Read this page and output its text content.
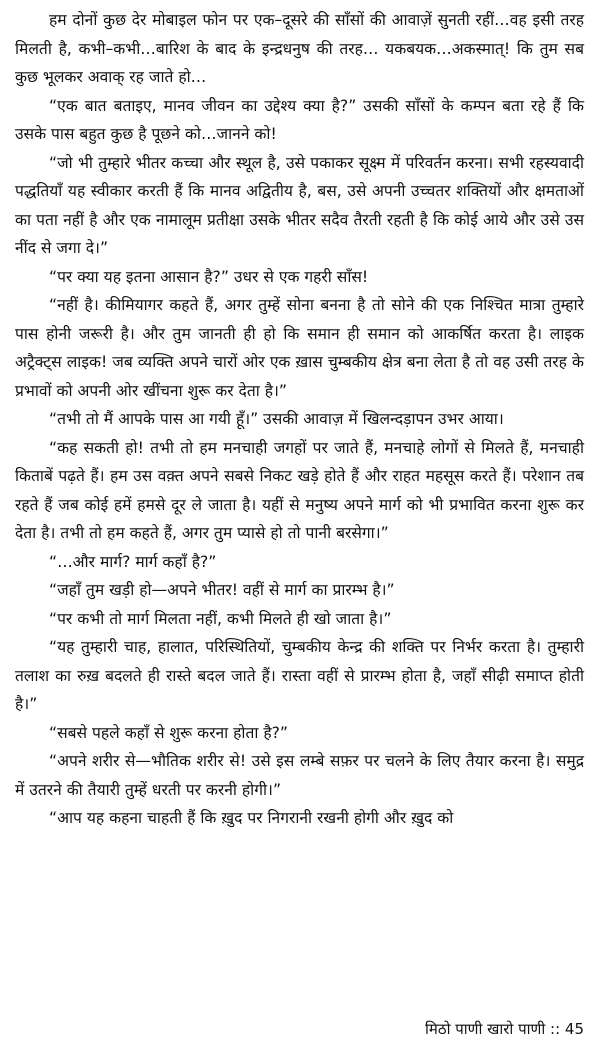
हम दोनों कुछ देर मोबाइल फोन पर एक–दूसरे की साँसों की आवाज़ें सुनती रहीं…वह इसी तरह मिलती है, कभी–कभी…बारिश के बाद के इन्द्रधनुष की तरह… यकबयक…अकस्मात्! कि तुम सब कुछ भूलकर अवाक् रह जाते हो…

“एक बात बताइए, मानव जीवन का उद्देश्य क्या है?” उसकी साँसों के कम्पन बता रहे हैं कि उसके पास बहुत कुछ है पूछने को…जानने को!

“जो भी तुम्हारे भीतर कच्चा और स्थूल है, उसे पकाकर सूक्ष्म में परिवर्तन करना। सभी रहस्यवादी पद्धतियाँ यह स्वीकार करती हैं कि मानव अद्वितीय है, बस, उसे अपनी उच्चतर शक्तियों और क्षमताओं का पता नहीं है और एक नामालूम प्रतीक्षा उसके भीतर सदैव तैरती रहती है कि कोई आये और उसे उस नींद से जगा दे।”

“पर क्या यह इतना आसान है?” उधर से एक गहरी साँस!

“नहीं है। कीमियागर कहते हैं, अगर तुम्हें सोना बनना है तो सोने की एक निश्चित मात्रा तुम्हारे पास होनी जरूरी है। और तुम जानती ही हो कि समान ही समान को आकर्षित करता है। लाइक अट्रैक्ट्स लाइक! जब व्यक्ति अपने चारों ओर एक ख़ास चुम्बकीय क्षेत्र बना लेता है तो वह उसी तरह के प्रभावों को अपनी ओर खींचना शुरू कर देता है।”

“तभी तो मैं आपके पास आ गयी हूँ।” उसकी आवाज़ में खिलन्दड़ापन उभर आया।

“कह सकती हो! तभी तो हम मनचाही जगहों पर जाते हैं, मनचाहे लोगों से मिलते हैं, मनचाही किताबें पढ़ते हैं। हम उस वक़्त अपने सबसे निकट खड़े होते हैं और राहत महसूस करते हैं। परेशान तब रहते हैं जब कोई हमें हमसे दूर ले जाता है। यहीं से मनुष्य अपने मार्ग को भी प्रभावित करना शुरू कर देता है। तभी तो हम कहते हैं, अगर तुम प्यासे हो तो पानी बरसेगा।”

“…और मार्ग? मार्ग कहाँ है?”

“जहाँ तुम खड़ी हो—अपने भीतर! वहीं से मार्ग का प्रारम्भ है।”

“पर कभी तो मार्ग मिलता नहीं, कभी मिलते ही खो जाता है।”

“यह तुम्हारी चाह, हालात, परिस्थितियों, चुम्बकीय केन्द्र की शक्ति पर निर्भर करता है। तुम्हारी तलाश का रुख़ बदलते ही रास्ते बदल जाते हैं। रास्ता वहीं से प्रारम्भ होता है, जहाँ सीढ़ी समाप्त होती है।”

“सबसे पहले कहाँ से शुरू करना होता है?”

“अपने शरीर से—भौतिक शरीर से! उसे इस लम्बे सफ़र पर चलने के लिए तैयार करना है। समुद्र में उतरने की तैयारी तुम्हें धरती पर करनी होगी।”

“आप यह कहना चाहती हैं कि ख़ुद पर निगरानी रखनी होगी और ख़ुद को

मिठो पाणी खारो पाणी :: 45
